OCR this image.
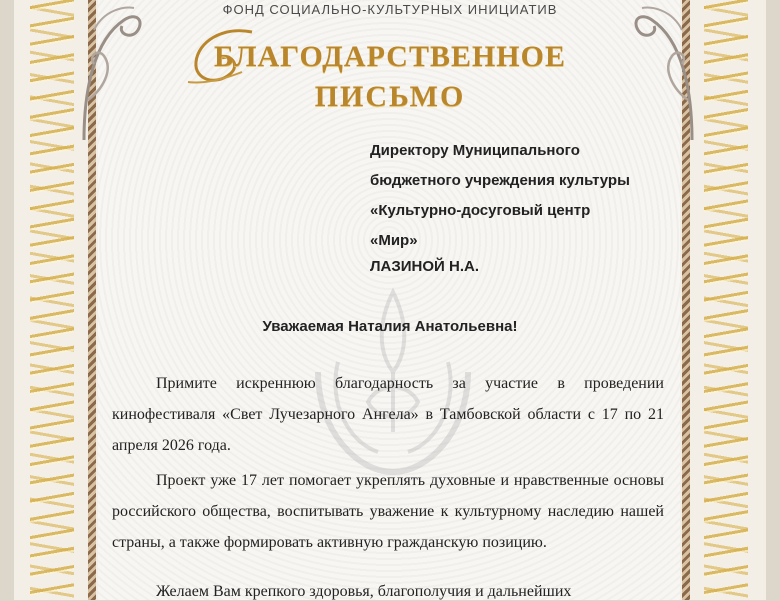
ФОНД СОЦИАЛЬНО-КУЛЬТУРНЫХ ИНИЦИАТИВ
БЛАГОДАРСТВЕННОЕ
ПИСЬМО
Директору Муниципального
бюджетного учреждения культуры
«Культурно-досуговый центр
«Мир»
ЛАЗИНОЙ Н.А.
Уважаемая Наталия Анатольевна!

Примите искреннюю благодарность за участие в проведении кинофестиваля «Свет Лучезарного Ангела» в Тамбовской области с 17 по 21 апреля 2026 года.

Проект уже 17 лет помогает укреплять духовные и нравственные основы российского общества, воспитывать уважение к культурному наследию нашей страны, а также формировать активную гражданскую позицию.

Желаем Вам крепкого здоровья, благополучия и дальнейших
